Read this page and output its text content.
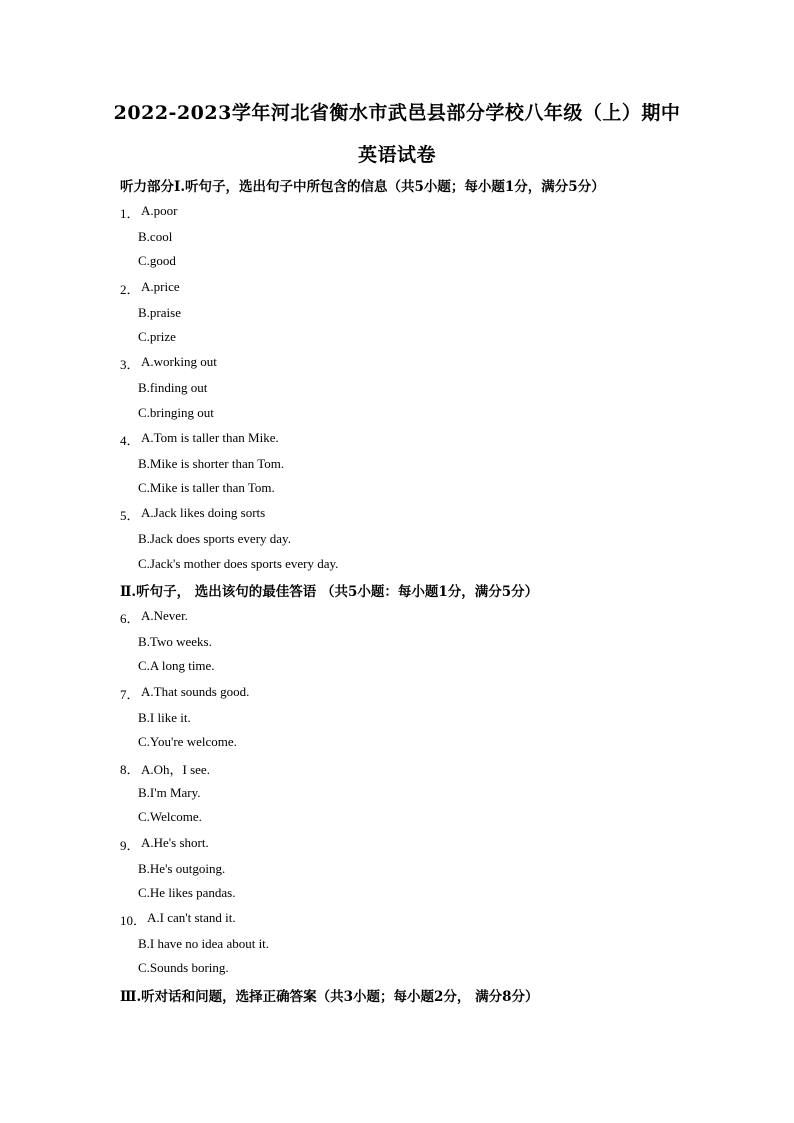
2022-2023学年河北省衡水市武邑县部分学校八年级（上）期中
英语试卷
听力部分Ⅰ.听句子，选出句子中所包含的信息（共5小题；每小题1分，满分5分）
1． A.poor
B.cool
C.good
2． A.price
B.praise
C.prize
3． A.working out
B.finding out
C.bringing out
4． A.Tom is taller than Mike.
B.Mike is shorter than Tom.
C.Mike is taller than Tom.
5． A.Jack likes doing sorts
B.Jack does sports every day.
C.Jack's mother does sports every day.
Ⅱ.听句子， 选出该句的最佳答语 （共5小题：每小题1分，满分5分）
6． A.Never.
B.Two weeks.
C.A long time.
7． A.That sounds good.
B.I like it.
C.You're welcome.
8． A.Oh，I see.
B.I'm Mary.
C.Welcome.
9． A.He's short.
B.He's outgoing.
C.He likes pandas.
10． A.I can't stand it.
B.I have no idea about it.
C.Sounds boring.
Ⅲ.听对话和问题，选择正确答案（共3小题；每小题2分， 满分8分）
